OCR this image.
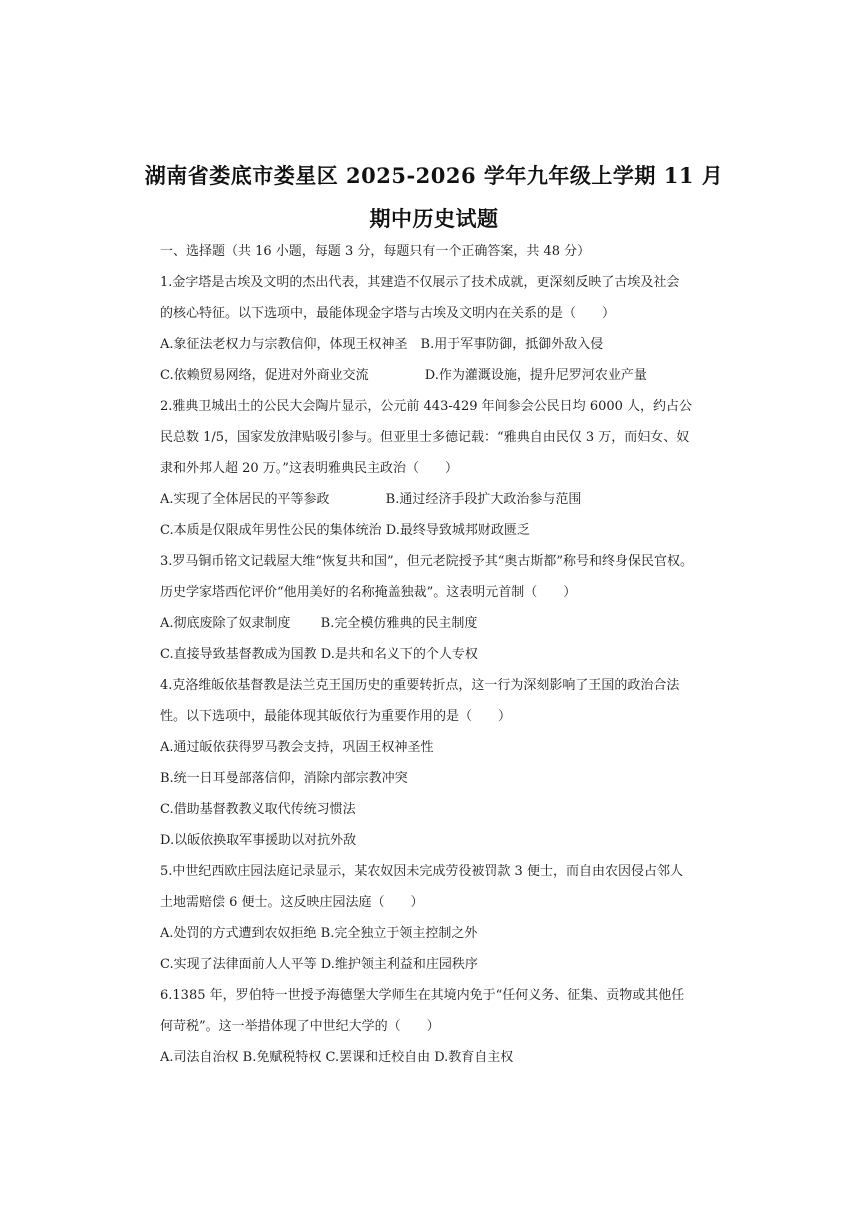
湖南省娄底市娄星区 2025-2026 学年九年级上学期 11 月
期中历史试题
一、选择题（共 16 小题，每题 3 分，每题只有一个正确答案，共 48 分）
1.金字塔是古埃及文明的杰出代表，其建造不仅展示了技术成就，更深刻反映了古埃及社会
的核心特征。以下选项中，最能体现金字塔与古埃及文明内在关系的是（　　）
A.象征法老权力与宗教信仰，体现王权神圣　B.用于军事防御，抵御外敌入侵
C.依赖贸易网络，促进对外商业交流　　　　 D.作为灌溉设施，提升尼罗河农业产量
2.雅典卫城出土的公民大会陶片显示，公元前 443-429 年间参会公民日均 6000 人，约占公
民总数 1/5，国家发放津贴吸引参与。但亚里士多德记载：“雅典自由民仅 3 万，而妇女、奴
隶和外邦人超 20 万。”这表明雅典民主政治（　　）
A.实现了全体居民的平等参政　　　　 B.通过经济手段扩大政治参与范围
C.本质是仅限成年男性公民的集体统治 D.最终导致城邦财政匮乏
3.罗马铜币铭文记载屋大维“恢复共和国”，但元老院授予其“奥古斯都”称号和终身保民官权。
历史学家塔西佗评价“他用美好的名称掩盖独裁”。这表明元首制（　　）
A.彻底废除了奴隶制度　　 B.完全模仿雅典的民主制度
C.直接导致基督教成为国教 D.是共和名义下的个人专权
4.克洛维皈依基督教是法兰克王国历史的重要转折点，这一行为深刻影响了王国的政治合法
性。以下选项中，最能体现其皈依行为重要作用的是（　　）
A.通过皈依获得罗马教会支持，巩固王权神圣性
B.统一日耳曼部落信仰，消除内部宗教冲突
C.借助基督教教义取代传统习惯法
D.以皈依换取军事援助以对抗外敌
5.中世纪西欧庄园法庭记录显示，某农奴因未完成劳役被罚款 3 便士，而自由农因侵占邻人
土地需赔偿 6 便士。这反映庄园法庭（　　）
A.处罚的方式遭到农奴拒绝 B.完全独立于领主控制之外
C.实现了法律面前人人平等 D.维护领主利益和庄园秩序
6.1385 年，罗伯特一世授予海德堡大学师生在其境内免于“任何义务、征集、贡物或其他任
何苛税”。这一举措体现了中世纪大学的（　　）
A.司法自治权 B.免赋税特权 C.罢课和迁校自由 D.教育自主权
